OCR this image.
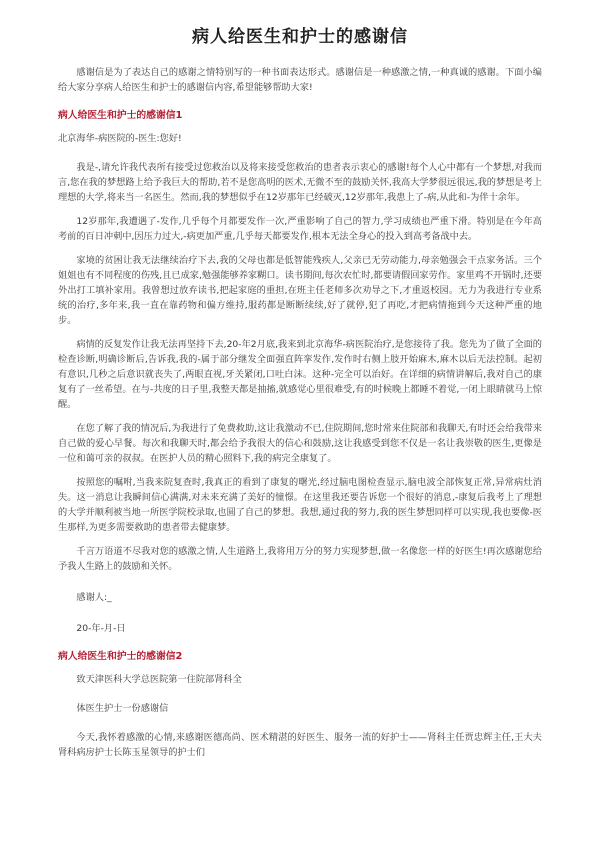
病人给医生和护士的感谢信

感谢信是为了表达自己的感谢之情特别写的一种书面表达形式。感谢信是一种感激之情,一种真诚的感谢。下面小编给大家分享病人给医生和护士的感谢信内容,希望能够帮助大家!

病人给医生和护士的感谢信1

北京海华-病医院的-医生:您好!

我是-,请允许我代表所有接受过您救治以及将来接受您救治的患者表示衷心的感谢!每个人心中都有一个梦想,对我而言,您在我的梦想路上给予我巨大的帮助,若不是您高明的医术,无微不至的鼓励关怀,我高大学梦很远很远,我的梦想是考上理想的大学,将来当一名医生。然而,我的梦想似乎在12岁那年已经破灭,12岁那年,我患上了-病,从此和-为伴十余年。

12岁那年,我遭遇了-发作,几乎每个月都要发作一次,严重影响了自己的智力,学习成绩也严重下滑。特别是在今年高考前的百日冲刺中,因压力过大,-病更加严重,几乎每天都要发作,根本无法全身心的投入到高考备战中去。

家境的贫困让我无法继续治疗下去,我的父母也都是低智能残疾人,父亲已无劳动能力,母亲勉强会干点家务活。三个姐姐也有不同程度的伤残,且已成家,勉强能够养家糊口。读书期间,每次农忙时,都要请假回家劳作。家里鸡不开锅时,还要外出打工填补家用。我曾想过放弃读书,把起家庭的重担,在班主任老师多次劝导之下,才重返校园。无力为我进行专业系统的治疗,多年来,我一直在靠药物和偏方维持,服药都是断断续续,好了就停,犯了再吃,才把病情拖到今天这种严重的地步。

病情的反复发作让我无法再坚持下去,20-年2月底,我来到北京海华-病医院治疗,是您接待了我。您先为了做了全面的检查诊断,明确诊断后,告诉我,我的-属于部分继发全面强直阵挛发作,发作时右侧上肢开始麻木,麻木以后无法控制。起初有意识,几秒之后意识就丧失了,两眼直视,牙关紧闭,口吐白沫。这种-完全可以治好。在详细的病情讲解后,我对自己的康复有了一丝希望。在与-共度的日子里,我整天都是抽搐,就感觉心里很难受,有的时候晚上都睡不着觉,一闭上眼睛就马上惊醒。

在您了解了我的情况后,为我进行了免费救助,这让我激动不已,住院期间,您时常来住院部和我聊天,有时还会给我带来自己做的爱心早餐。每次和我聊天时,都会给予我很大的信心和鼓励,这让我感受到您不仅是一名让我崇敬的医生,更像是一位和蔼可亲的叔叔。在医护人员的精心照料下,我的病完全康复了。

按照您的嘱咐,当我来院复查时,我真正的看到了康复的曙光,经过脑电图检查显示,脑电波全部恢复正常,异常病灶消失。这一消息让我瞬间信心满满,对未来充满了美好的憧憬。在这里我还要告诉您一个很好的消息,-康复后我考上了理想的大学并顺利被当地一所医学院校录取,也圆了自己的梦想。我想,通过我的努力,我的医生梦想同样可以实现,我也要像-医生那样,为更多需要救助的患者带去健康梦。

千言万语道不尽我对您的感激之情,人生道路上,我将用万分的努力实现梦想,做一名像您一样的好医生!再次感谢您给予我人生路上的鼓励和关怀。

感谢人:_

20-年-月-日

病人给医生和护士的感谢信2

致天津医科大学总医院第一住院部肾科全

体医生护士一份感谢信

今天,我怀着感激的心情,来感谢医德高尚、医术精湛的好医生、服务一流的好护士——肾科主任贾忠辉主任,王大夫肾科病房护士长陈玉星领导的护士们
